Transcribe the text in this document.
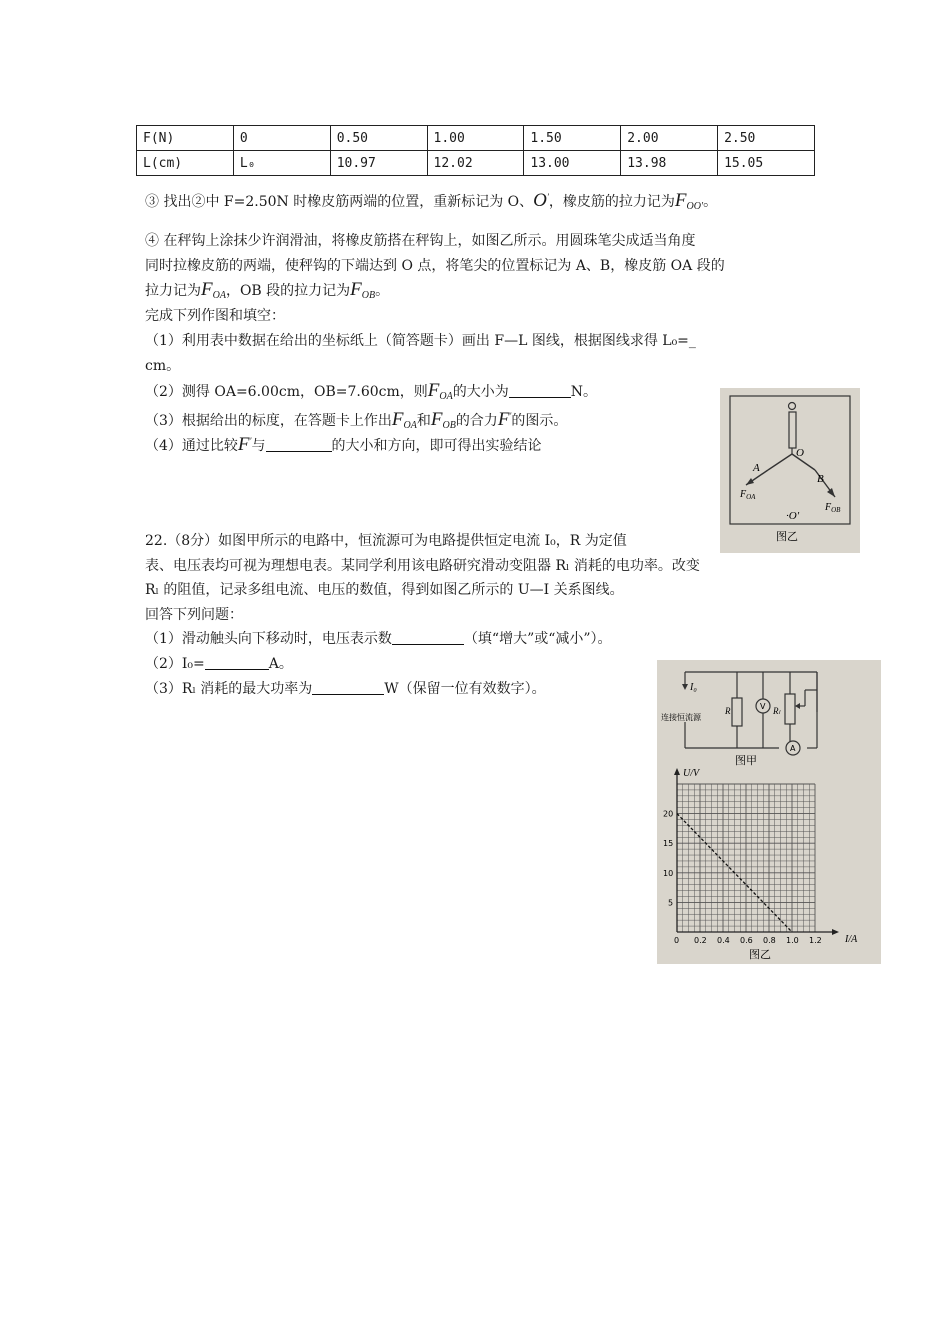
F(N)	0	0.50	1.00	1.50	2.00	2.50
L(cm)	L₀	10.97	12.02	13.00	13.98	15.05
③ 找出②中 F=2.50N 时橡皮筋两端的位置，重新标记为 O、O′，橡皮筋的拉力记为$F_{OO'}$。
④ 在秤钩上涂抹少许润滑油，将橡皮筋搭在秤钩上，如图乙所示。用圆珠笔尖成适当角度
同时拉橡皮筋的两端，使秤钩的下端达到 O 点，将笔尖的位置标记为 A、B，橡皮筋 OA 段的
拉力记为$F_{OA}$，OB 段的拉力记为$F_{OB}$。
完成下列作图和填空：
（1）利用表中数据在给出的坐标纸上（简答题卡）画出 F—L 图线，根据图线求得 L₀=_
cm。
（2）测得 OA=6.00cm，OB=7.60cm，则$F_{OA}$的大小为	N。
（3）根据给出的标度，在答题卡上作出$F_{OA}$和$F_{OB}$的合力F′的图示。
（4）通过比较F′与	的大小和方向，即可得出实验结论	O
A
B
$F_{OA}$
$F_{OB}$
·O′
图乙
22.（8分）如图甲所示的电路中，恒流源可为电路提供恒定电流 I₀，R 为定值
表、电压表均可视为理想电表。某同学利用该电路研究滑动变阻器 Rₗ 消耗的电功率。改变
Rₗ 的阻值，记录多组电流、电压的数值，得到如图乙所示的 U—I 关系图线。
回答下列问题：
（1）滑动触头向下移动时，电压表示数	（填“增大”或“减小”）。
（2）I₀=	A。
（3）Rₗ 消耗的最大功率为	W（保留一位有效数字）。	I₀
连接恒流源
R	V Rₗ
A
图甲
0 0.2 0.4 0.6 0.8 1.0 1.2
5
10
15
20
U/V
I/A
图乙
